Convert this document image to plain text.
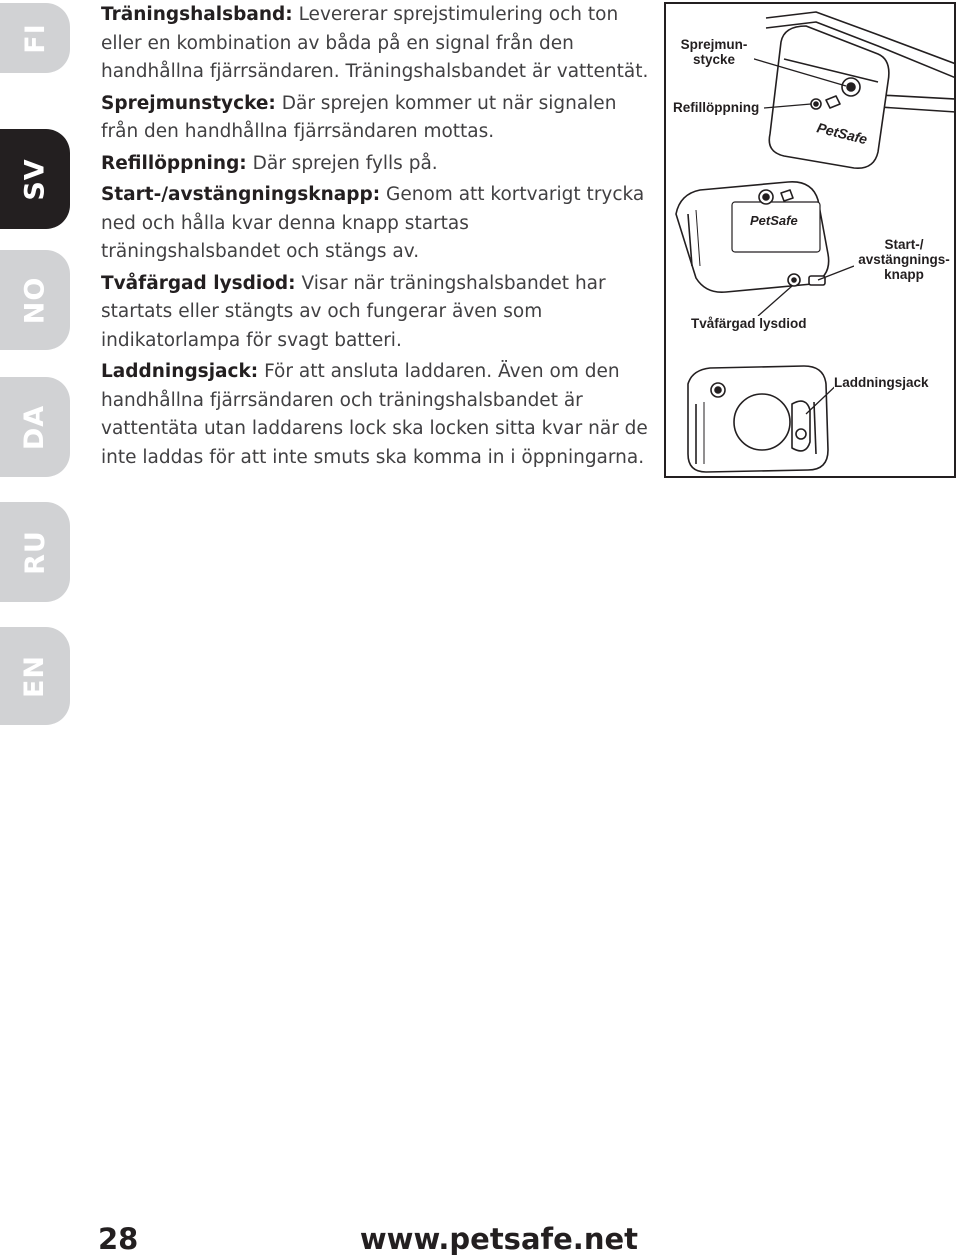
FI
SV
NO
DA
RU
EN

Träningshalsband: Levererar sprejstimulering och ton eller en kombination av båda på en signal från den handhållna fjärrsändaren. Träningshalsbandet är vattentät.

Sprejmunstycke: Där sprejen kommer ut när signalen från den handhållna fjärrsändaren mottas.

Refillöppning: Där sprejen fylls på.

Start-/avstängningsknapp: Genom att kortvarigt trycka ned och hålla kvar denna knapp startas träningshalsbandet och stängs av.

Tvåfärgad lysdiod: Visar när träningshalsbandet har startats eller stängts av och fungerar även som indikatorlampa för svagt batteri.

Laddningsjack: För att ansluta laddaren. Även om den handhållna fjärrsändaren och träningshalsbandet är vattentäta utan laddarens lock ska locken sitta kvar när de inte laddas för att inte smuts ska komma in i öppningarna.

PetSafe
PetSafe
Sprejmun-
stycke
Refillöppning
Start-/
avstängnings-
knapp
Tvåfärgad lysdiod
Laddningsjack
28	www.petsafe.net
